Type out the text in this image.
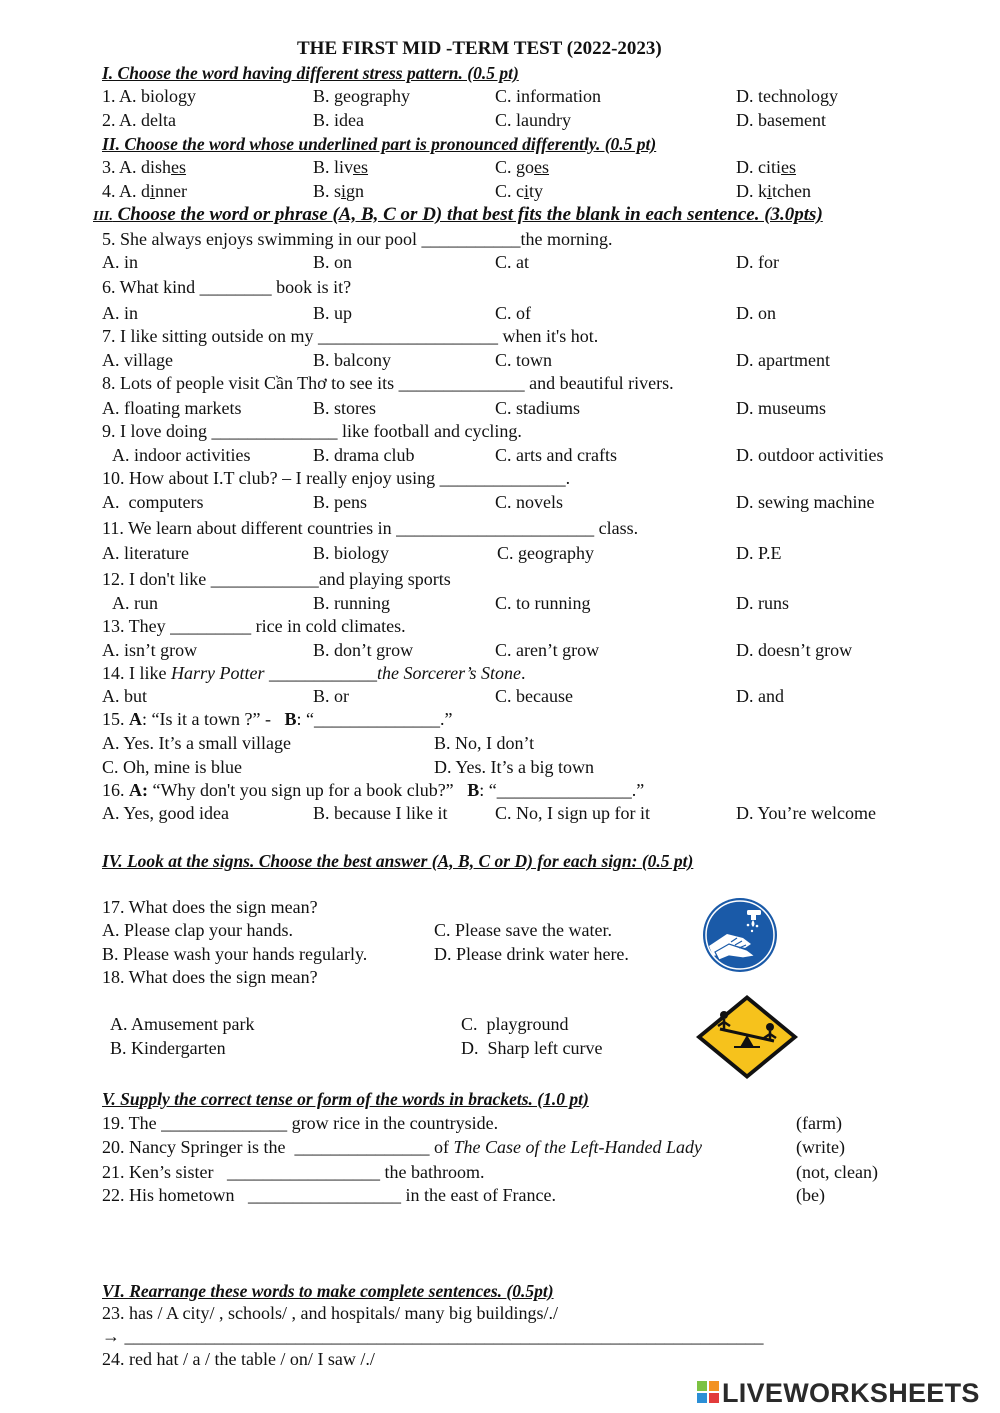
THE FIRST MID -TERM TEST (2022-2023)
I. Choose the word having different stress pattern. (0.5 pt)
1. A. biology	B. geography	C. information	D. technology
2. A. delta	B. idea	C. laundry	D. basement
II. Choose the word whose underlined part is pronounced differently. (0.5 pt)
3. A. dishes	B. lives	C. goes	D. cities
4. A. dinner	B. sign	C. city	D. kitchen
III. Choose the word or phrase (A, B, C or D) that best fits the blank in each sentence. (3.0pts)
5. She always enjoys swimming in our pool ___________the morning.
A. in	B. on	C. at	D. for
6. What kind ________ book is it?
A. in	B. up	C. of	D. on
7. I like sitting outside on my ____________________ when it's hot.
A. village	B. balcony	C. town	D. apartment
8. Lots of people visit Cần Thơ to see its ______________ and beautiful rivers.
A. floating markets	B. stores	C. stadiums	D. museums
9. I love doing ______________ like football and cycling.
A. indoor activities	B. drama club	C. arts and crafts	D. outdoor activities
10. How about I.T club? – I really enjoy using ______________.
A.  computers	B. pens	C. novels	D. sewing machine
11. We learn about different countries in ______________________ class.
A. literature	B. biology	C. geography	D. P.E
12. I don't like ____________and playing sports
A. run	B. running	C. to running	D. runs
13. They _________ rice in cold climates.
A. isn’t grow	B. don’t grow	C. aren’t grow	D. doesn’t grow
14. I like Harry Potter ____________the Sorcerer’s Stone.
A. but	B. or	C. because	D. and
15. A: “Is it a town ?” -   B: “______________.”
A. Yes. It’s a small village	B. No, I don’t
C. Oh, mine is blue	D. Yes. It’s a big town
16. A: “Why don't you sign up for a book club?”   B: “_______________.”
A. Yes, good idea	B. because I like it	C. No, I sign up for it	D. You’re welcome
IV. Look at the signs. Choose the best answer (A, B, C or D) for each sign: (0.5 pt)
17. What does the sign mean?
A. Please clap your hands.	C. Please save the water.
B. Please wash your hands regularly.	D. Please drink water here.
18. What does the sign mean?
A. Amusement park	C.  playground
B. Kindergarten	D.  Sharp left curve
V. Supply the correct tense or form of the words in brackets. (1.0 pt)
19. The ______________ grow rice in the countryside.	(farm)
20. Nancy Springer is the  _______________ of The Case of the Left-Handed Lady	(write)
21. Ken’s sister   _________________ the bathroom.	(not, clean)
22. His hometown   _________________ in the east of France.	(be)
VI. Rearrange these words to make complete sentences. (0.5pt)
23. has / A city/ , schools/ , and hospitals/ many big buildings/./
→ _______________________________________________________________________
24. red hat / a / the table / on/ I saw /./
LIVEWORKSHEETS
